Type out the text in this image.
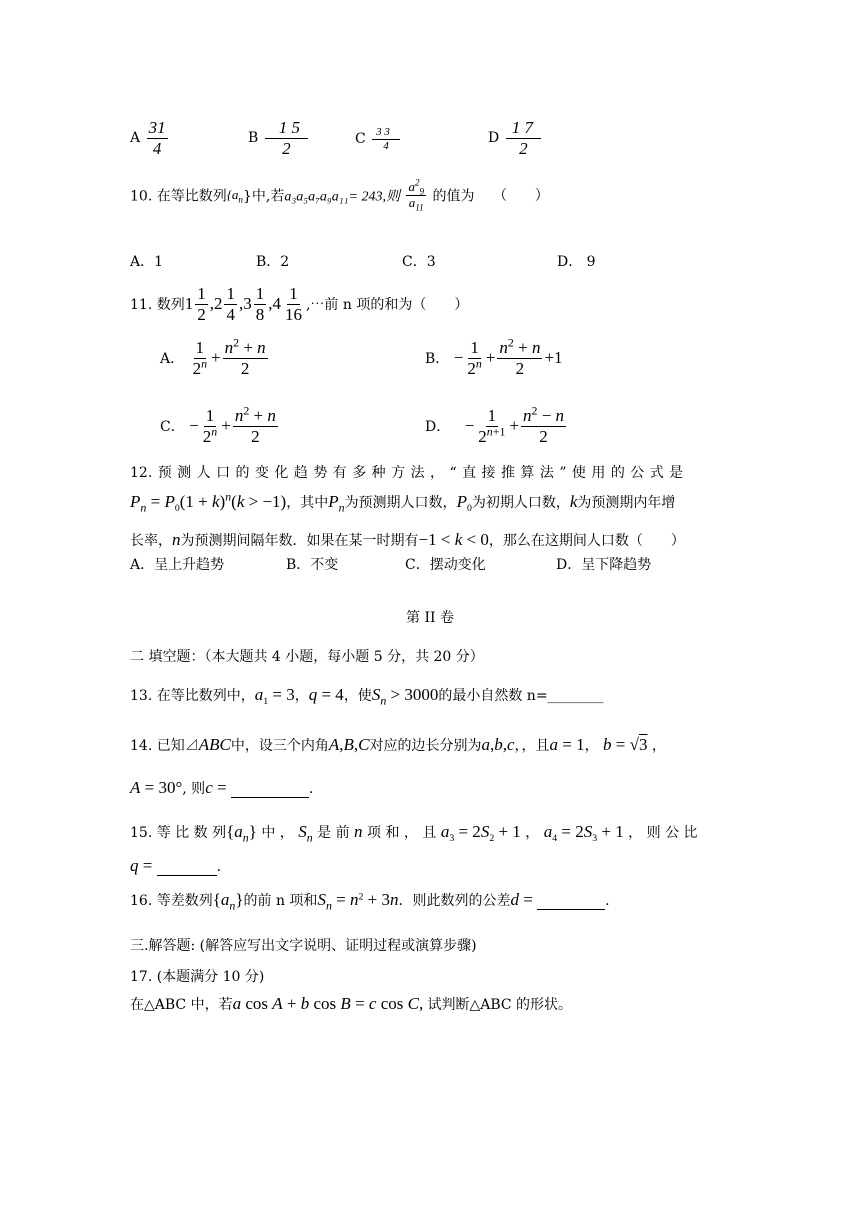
A $\frac{31}{4}$	B $\frac{1 5}{2}$	C $\frac{3 3}{4}$	D $\frac{1 7}{2}$
10. 在等比数列$\{a_n\}$中,若a₃a₅a₇a₉a₁₁= 243,则 $\frac{a^2_9}{a_{11}}$ 的值为 （　　）
A．1	B．2	C．3	D． 9
11. 数列$1 \frac{1}{2} ,2 \frac{1}{4} ,3 \frac{1}{8} ,4 \frac{1}{16}$ ,⋯前 n 项的和为（　　）
A． $\frac{1}{2^n} + \frac{n^2 + n}{2}$	B． − $\frac{1}{2^n} + \frac{n^2 + n}{2} +1$
C． − $\frac{1}{2^n} + \frac{n^2 + n}{2}$	D． − $\frac{1}{2^{n+1}} + \frac{n^2 - n}{2}$
12. 预 测 人 口 的 变 化 趋 势 有 多 种 方 法 ， “ 直 接 推 算 法 ” 使 用 的 公 式 是
$P_n = P_0(1 + k)^n(k > -1)$，其中$P_n$为预测期人口数，$P_0$为初期人口数，k为预测期内年增
长率，n为预测期间隔年数．如果在某一时期有−1 < k < 0，那么在这期间人口数（　　）
A．呈上升趋势	B．不变	C．摆动变化	D．呈下降趋势
第 II 卷
二 填空题：（本大题共 4 小题，每小题 5 分，共 20 分）
13. 在等比数列中，$a_1 = 3$，q = 4，使$S_n > 3000$的最小自然数 n=________
14. 已知⊿ABC中，设三个内角A,B,C对应的边长分别为a,b,c，，且a = 1， b = √3 ，
A = 30°, 则c =	.
15. 等 比 数 列$\{a_n\}$ 中 ， $S_n$ 是 前 n 项 和 ， 且 $a_3 = 2S_2 + 1$ ， $a_4 = 2S_3 + 1$ ， 则 公 比
q =	.
16. 等差数列$\{a_n\}$的前 n 项和$S_n = n^2 + 3n$．则此数列的公差d =	.
三.解答题: (解答应写出文字说明、证明过程或演算步骤)
17. (本题满分 10 分)
在△ABC 中，若a cos A + b cos B = c cos C, 试判断△ABC 的形状。
